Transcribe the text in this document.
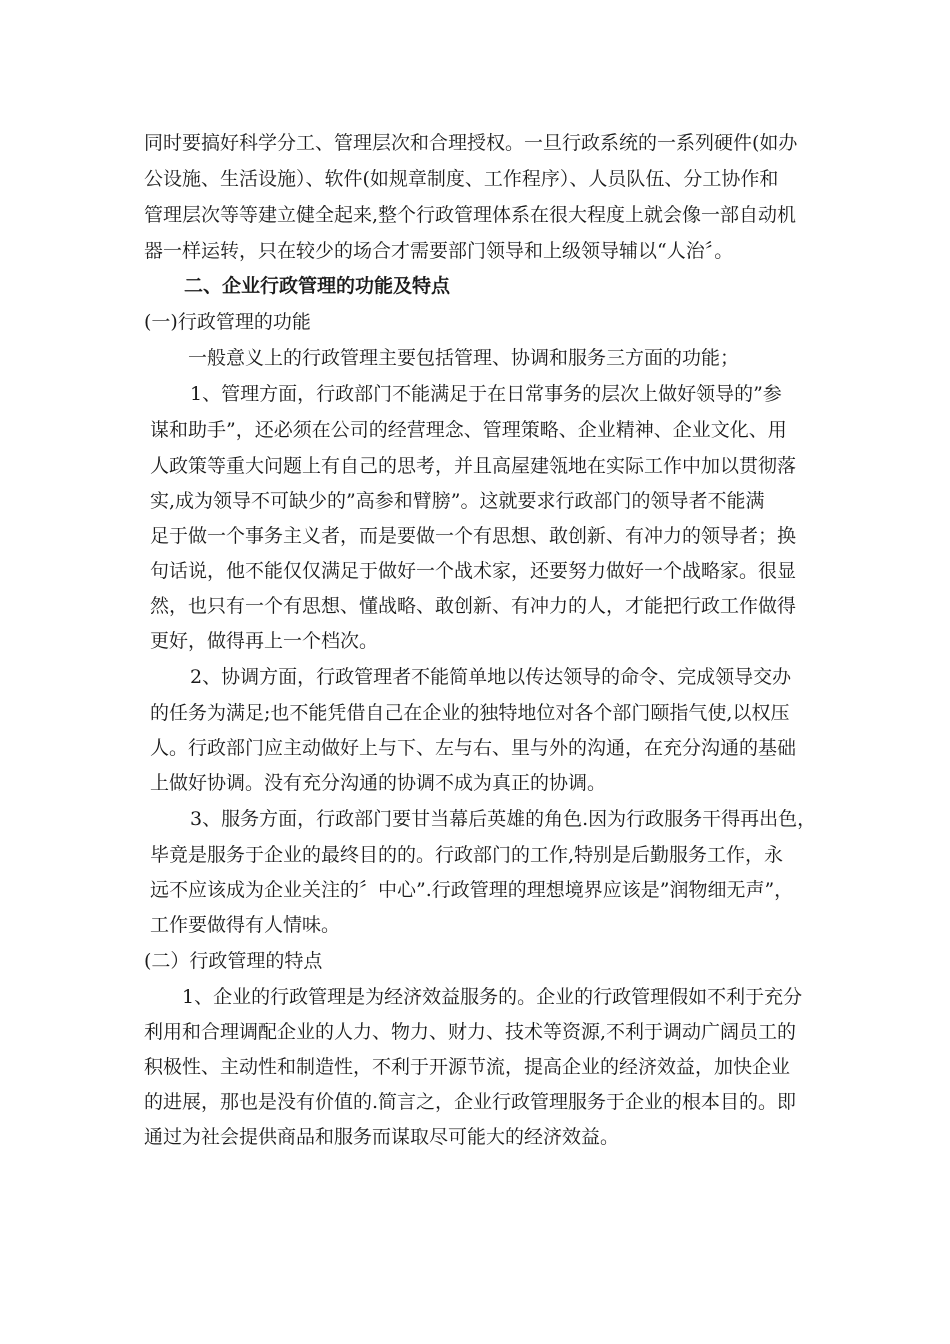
同时要搞好科学分工、管理层次和合理授权。一旦行政系统的一系列硬件(如办
公设施、生活设施）、软件(如规章制度、工作程序）、人员队伍、分工协作和
管理层次等等建立健全起来,整个行政管理体系在很大程度上就会像一部自动机
器一样运转，只在较少的场合才需要部门领导和上级领导辅以“人治〞。
二、企业行政管理的功能及特点
(一)行政管理的功能
一般意义上的行政管理主要包括管理、协调和服务三方面的功能；
1、管理方面，行政部门不能满足于在日常事务的层次上做好领导的”参
谋和助手”，还必须在公司的经营理念、管理策略、企业精神、企业文化、用
人政策等重大问题上有自己的思考，并且高屋建瓴地在实际工作中加以贯彻落
实,成为领导不可缺少的”高参和臂膀”。这就要求行政部门的领导者不能满
足于做一个事务主义者，而是要做一个有思想、敢创新、有冲力的领导者；换
句话说，他不能仅仅满足于做好一个战术家，还要努力做好一个战略家。很显
然，也只有一个有思想、懂战略、敢创新、有冲力的人，才能把行政工作做得
更好，做得再上一个档次。
2、协调方面，行政管理者不能简单地以传达领导的命令、完成领导交办
的任务为满足;也不能凭借自己在企业的独特地位对各个部门颐指气使,以权压
人。行政部门应主动做好上与下、左与右、里与外的沟通，在充分沟通的基础
上做好协调。没有充分沟通的协调不成为真正的协调。
3、服务方面，行政部门要甘当幕后英雄的角色.因为行政服务干得再出色，
毕竟是服务于企业的最终目的的。行政部门的工作,特别是后勤服务工作，永
远不应该成为企业关注的〞中心”.行政管理的理想境界应该是”润物细无声”，
工作要做得有人情味。
(二）行政管理的特点
1、企业的行政管理是为经济效益服务的。企业的行政管理假如不利于充分
利用和合理调配企业的人力、物力、财力、技术等资源,不利于调动广阔员工的
积极性、主动性和制造性，不利于开源节流，提高企业的经济效益，加快企业
的进展，那也是没有价值的.简言之，企业行政管理服务于企业的根本目的。即
通过为社会提供商品和服务而谋取尽可能大的经济效益。
